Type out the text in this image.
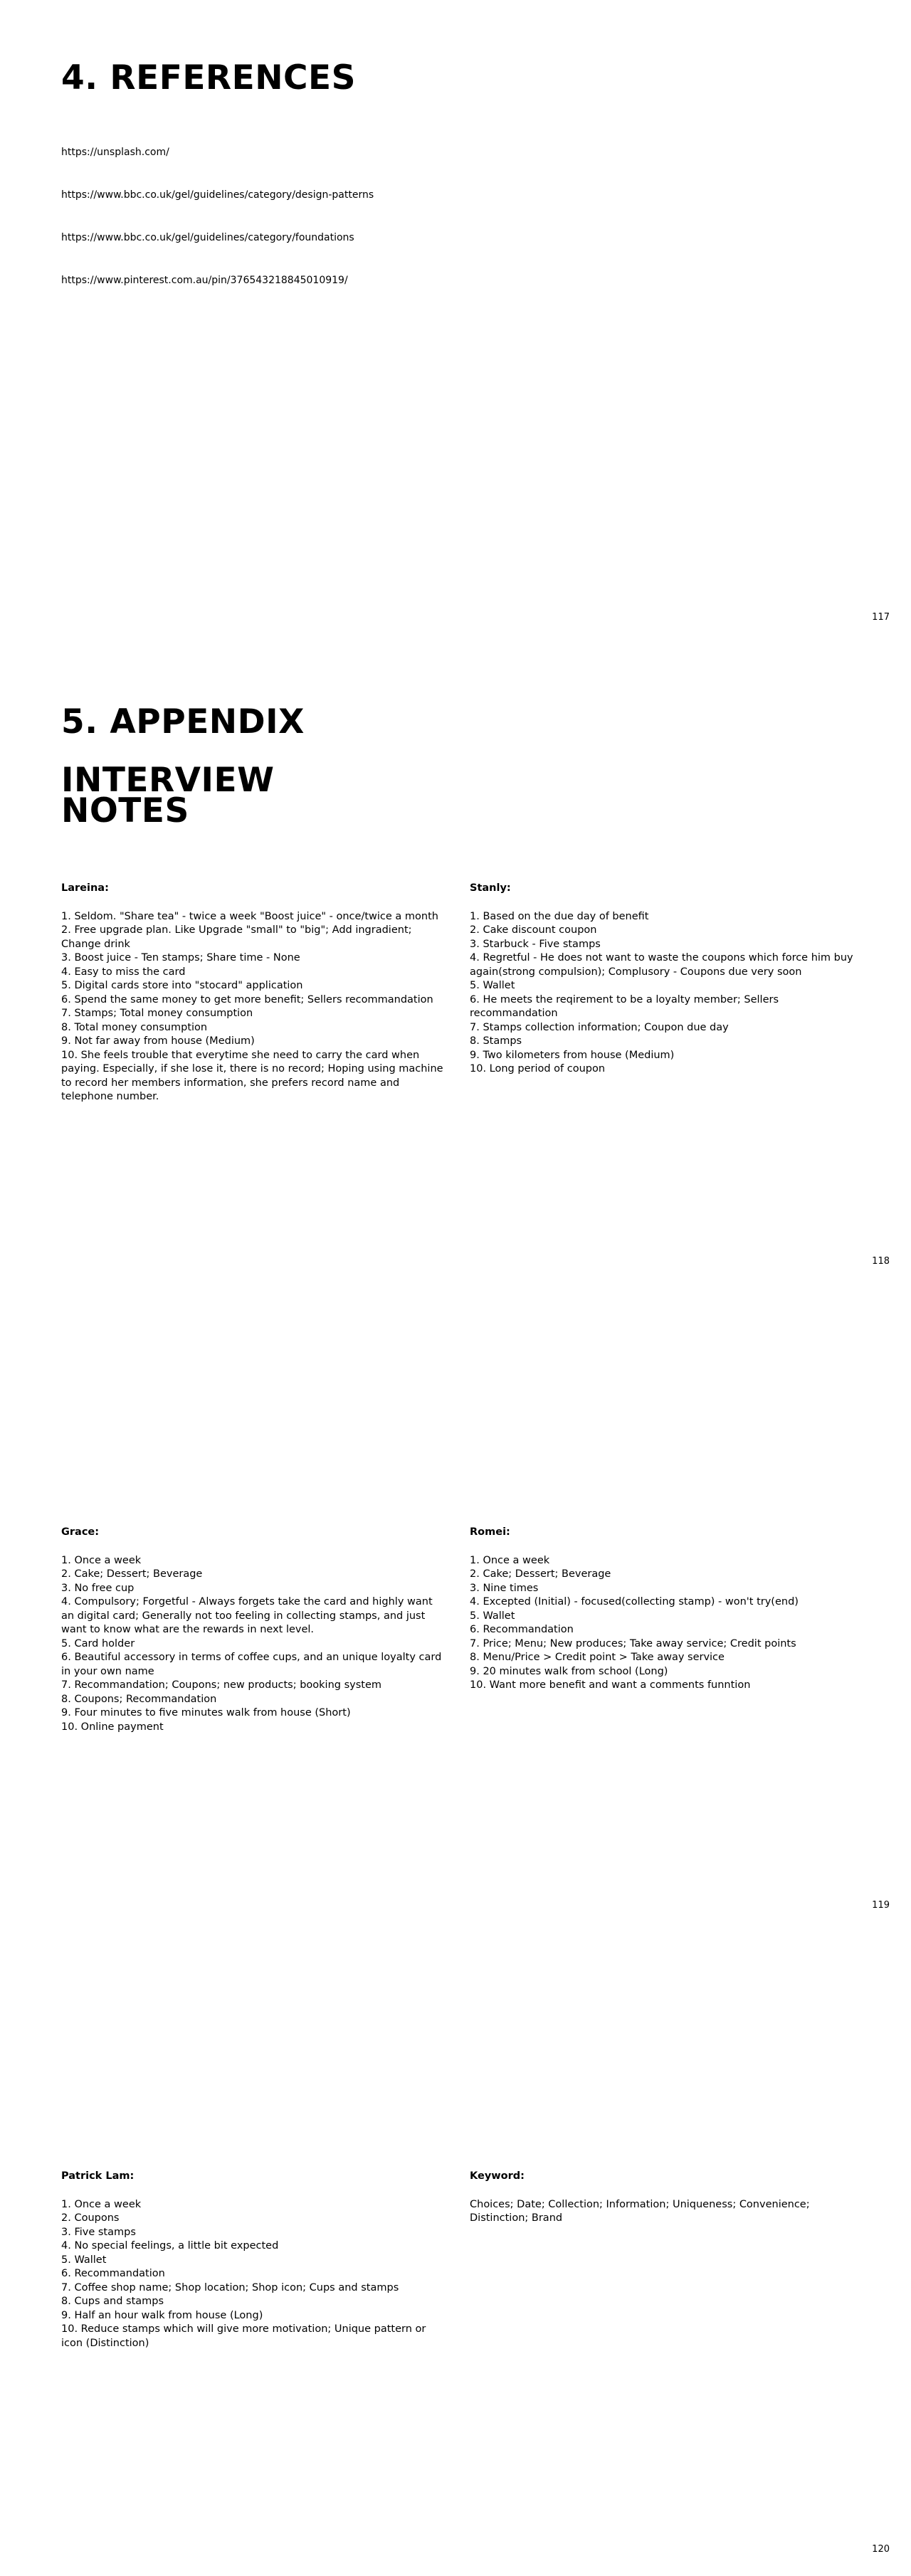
4. REFERENCES
https://unsplash.com/
https://www.bbc.co.uk/gel/guidelines/category/design-patterns
https://www.bbc.co.uk/gel/guidelines/category/foundations
https://www.pinterest.com.au/pin/376543218845010919/
117
5. APPENDIX
INTERVIEW
NOTES
Lareina:
1. Seldom. "Share tea" - twice a week "Boost juice" - once/twice a month
2. Free upgrade plan. Like Upgrade "small" to "big"; Add ingradient; Change drink
3. Boost juice - Ten stamps; Share time - None
4. Easy to miss the card
5. Digital cards store into "stocard" application
6. Spend the same money to get more benefit; Sellers recommandation
7. Stamps; Total money consumption
8. Total money consumption
9. Not far away from house (Medium)
10. She feels trouble that everytime she need to carry the card when paying. Especially, if she lose it, there is no record; Hoping using machine to record her members information, she prefers record name and telephone number.
Stanly:
1. Based on the due day of benefit
2. Cake discount coupon
3. Starbuck - Five stamps
4. Regretful - He does not want to waste the coupons which force him buy again(strong compulsion); Complusory - Coupons due very soon
5. Wallet
6. He meets the reqirement to be a loyalty member; Sellers recommandation
7. Stamps collection information; Coupon due day
8. Stamps
9. Two kilometers from house (Medium)
10. Long period of coupon
118
Grace:
1. Once a week
2. Cake; Dessert; Beverage
3. No free cup
4. Compulsory; Forgetful - Always forgets take the card and highly want an digital card; Generally not too feeling in collecting stamps, and just want to know what are the rewards in next level.
5. Card holder
6. Beautiful accessory in terms of coffee cups, and an unique loyalty card in your own name
7. Recommandation; Coupons; new products; booking system
8. Coupons; Recommandation
9. Four minutes to five minutes walk from house (Short)
10. Online payment
Romei:
1. Once a week
2. Cake; Dessert; Beverage
3. Nine times
4. Excepted (Initial) - focused(collecting stamp) - won't try(end)
5. Wallet
6. Recommandation
7. Price; Menu; New produces; Take away service; Credit points
8. Menu/Price > Credit point > Take away service
9. 20 minutes walk from school (Long)
10. Want more benefit and want a comments funntion
119
Patrick Lam:
1. Once a week
2. Coupons
3. Five stamps
4. No special feelings, a little bit expected
5. Wallet
6. Recommandation
7. Coffee shop name; Shop location; Shop icon; Cups and stamps
8. Cups and stamps
9. Half an hour walk from house (Long)
10. Reduce stamps which will give more motivation; Unique pattern or icon (Distinction)
Keyword:

Choices; Date; Collection; Information; Uniqueness; Convenience; Distinction; Brand

120
